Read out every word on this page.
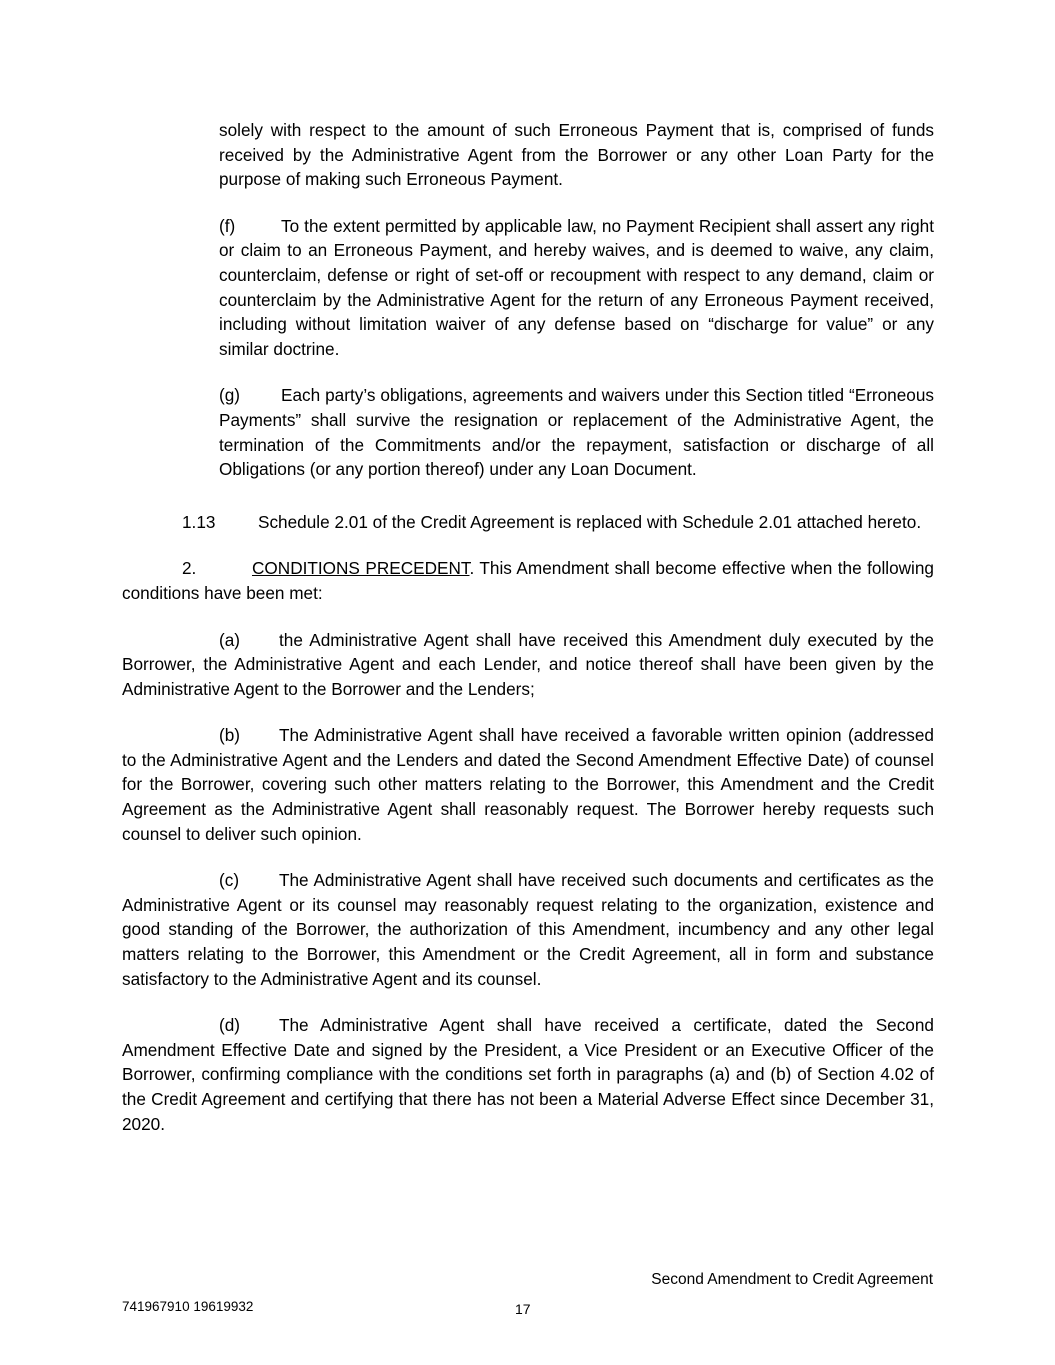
solely with respect to the amount of such Erroneous Payment that is, comprised of funds received by the Administrative Agent from the Borrower or any other Loan Party for the purpose of making such Erroneous Payment.

(f)	To the extent permitted by applicable law, no Payment Recipient shall assert any right or claim to an Erroneous Payment, and hereby waives, and is deemed to waive, any claim, counterclaim, defense or right of set-off or recoupment with respect to any demand, claim or counterclaim by the Administrative Agent for the return of any Erroneous Payment received, including without limitation waiver of any defense based on “discharge for value” or any similar doctrine.

(g) Each party’s obligations, agreements and waivers under this Section titled “Erroneous Payments” shall survive the resignation or replacement of the Administrative Agent, the termination of the Commitments and/or the repayment, satisfaction or discharge of all Obligations (or any portion thereof) under any Loan Document.

1.13 Schedule 2.01 of the Credit Agreement is replaced with Schedule 2.01 attached hereto.

2.	CONDITIONS PRECEDENT. This Amendment shall become effective when the following conditions have been met:

(a) the Administrative Agent shall have received this Amendment duly executed by the Borrower, the Administrative Agent and each Lender, and notice thereof shall have been given by the Administrative Agent to the Borrower and the Lenders;

(b) The Administrative Agent shall have received a favorable written opinion (addressed to the Administrative Agent and the Lenders and dated the Second Amendment Effective Date) of counsel for the Borrower, covering such other matters relating to the Borrower, this Amendment and the Credit Agreement as the Administrative Agent shall reasonably request. The Borrower hereby requests such counsel to deliver such opinion.

(c) The Administrative Agent shall have received such documents and certificates as the Administrative Agent or its counsel may reasonably request relating to the organization, existence and good standing of the Borrower, the authorization of this Amendment, incumbency and any other legal matters relating to the Borrower, this Amendment or the Credit Agreement, all in form and substance satisfactory to the Administrative Agent and its counsel.

(d) The Administrative Agent shall have received a certificate, dated the Second Amendment Effective Date and signed by the President, a Vice President or an Executive Officer of the Borrower, confirming compliance with the conditions set forth in paragraphs (a) and (b) of Section 4.02 of the Credit Agreement and certifying that there has not been a Material Adverse Effect since December 31, 2020.

Second Amendment to Credit Agreement
741967910 19619932	17
